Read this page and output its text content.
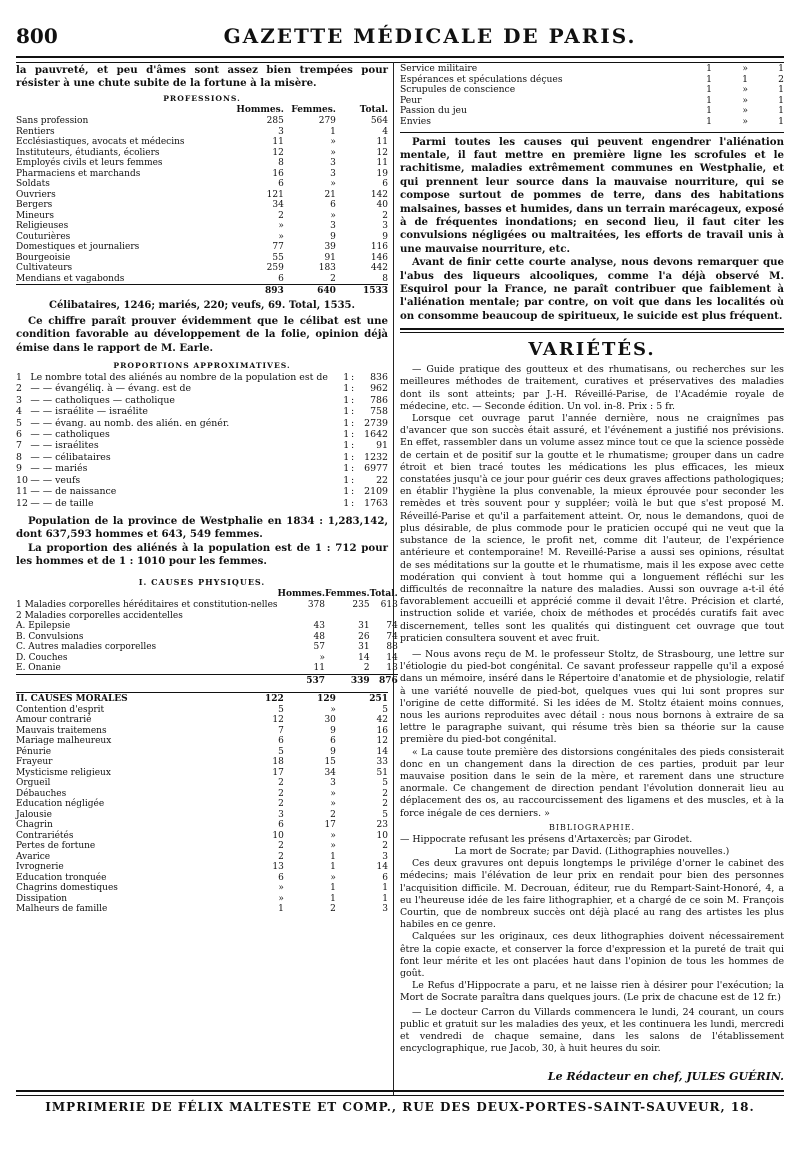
800	GAZETTE MÉDICALE DE PARIS.

la pauvreté, et peu d'âmes sont assez bien trempées pour résister à une chute subite de la fortune à la misère.

PROFESSIONS.
	Hommes.	Femmes.	Total.
Sans profession	285	279	564
Rentiers	3	1	4
Ecclésiastiques, avocats et médecins	11	»	11
Instituteurs, étudiants, écoliers	12	»	12
Employés civils et leurs femmes	8	3	11
Pharmaciens et marchands	16	3	19
Soldats	6	»	6
Ouvriers	121	21	142
Bergers	34	6	40
Mineurs	2	»	2
Religieuses	»	3	3
Couturières	»	9	9
Domestiques et journaliers	77	39	116
Bourgeoisie	55	91	146
Cultivateurs	259	183	442
Mendians et vagabonds	6	2	8
	893	640	1533

Célibataires, 1246; mariés, 220; veufs, 69. Total, 1535.

Ce chiffre paraît prouver évidemment que le célibat est une condition favorable au développement de la folie, opinion déjà émise dans le rapport de M. Earle.

PROPORTIONS APPROXIMATIVES.
1	Le nombre total des aliénés au nombre de la population est de	1	:	836
2	— — évangéliq. à — évang. est de	1	:	962
3	— — catholiques — catholique	1	:	786
4	— — israélite — israélite	1	:	758
5	— — évang. au nomb. des alién. en génér.	1	:	2739
6	— — catholiques	1	:	1642
7	— — israélites	1	:	91
8	— — célibataires	1	:	1232
9	— — mariés	1	:	6977
10	— — veufs	1	:	22
11	— — de naissance	1	:	2109
12	— — de taille	1	:	1763

Population de la province de Westphalie en 1834 : 1,283,142, dont 637,593 hommes et 643, 549 femmes.

La proportion des aliénés à la population est de 1 : 712 pour les hommes et de 1 : 1010 pour les femmes.

I. CAUSES PHYSIQUES.
	Hommes.	Femmes.	Total.
1 Maladies corporelles héréditaires et constitution-nelles	378	235	613
2 Maladies corporelles accidentelles			
A. Epilepsie	43	31	74
B. Convulsions	48	26	74
C. Autres maladies corporelles	57	31	88
D. Couches	»	14	14
E. Onanie	11	2	13
	537	339	876
II. CAUSES MORALES	122	129	251
Contention d'esprit	5	»	5
Amour contrarié	12	30	42
Mauvais traitemens	7	9	16
Mariage malheureux	6	6	12
Pénurie	5	9	14
Frayeur	18	15	33
Mysticisme religieux	17	34	51
Orgueil	2	3	5
Débauches	2	»	2
Education négligée	2	»	2
Jalousie	3	2	5
Chagrin	6	17	23
Contrariétés	10	»	10
Pertes de fortune	2	»	2
Avarice	2	1	3
Ivrognerie	13	1	14
Education tronquée	6	»	6
Chagrins domestiques	»	1	1
Dissipation	»	1	1
Malheurs de famille	1	2	3
Service militaire	1	»	1
Espérances et spéculations déçues	1	1	2
Scrupules de conscience	1	»	1
Peur	1	»	1
Passion du jeu	1	»	1
Envies	1	»	1

Parmi toutes les causes qui peuvent engendrer l'aliénation mentale, il faut mettre en première ligne les scrofules et le rachitisme, maladies extrêmement communes en Westphalie, et qui prennent leur source dans la mauvaise nourriture, qui se compose surtout de pommes de terre, dans des habitations malsaines, basses et humides, dans un terrain marécageux, exposé à de fréquentes inondations; en second lieu, il faut citer les convulsions négligées ou maltraitées, les efforts de travail unis à une mauvaise nourriture, etc.

Avant de finir cette courte analyse, nous devons remarquer que l'abus des liqueurs alcooliques, comme l'a déjà observé M. Esquirol pour la France, ne paraît contribuer que faiblement à l'aliénation mentale; par contre, on voit que dans les localités où on consomme beaucoup de spiritueux, le suicide est plus fréquent.

VARIÉTÉS.

— Guide pratique des goutteux et des rhumatisans, ou recherches sur les meilleures méthodes de traitement, curatives et préservatives des maladies dont ils sont atteints; par J.-H. Réveillé-Parise, de l'Académie royale de médecine, etc. — Seconde édition. Un vol. in-8. Prix : 5 fr.

Lorsque cet ouvrage parut l'année dernière, nous ne craignîmes pas d'avancer que son succès était assuré, et l'événement a justifié nos prévisions. En effet, rassembler dans un volume assez mince tout ce que la science possède de certain et de positif sur la goutte et le rhumatisme; grouper dans un cadre étroit et bien tracé toutes les médications les plus efficaces, les mieux constatées jusqu'à ce jour pour guérir ces deux graves affections pathologiques; en établir l'hygiène la plus convenable, la mieux éprouvée pour seconder les remèdes et très souvent pour y suppléer; voilà le but que s'est proposé M. Réveillé-Parise et qu'il a parfaitement atteint. Or, nous le demandons, quoi de plus désirable, de plus commode pour le praticien occupé qui ne veut que la substance de la science, le profit net, comme dit l'auteur, de l'expérience antérieure et contemporaine! M. Reveillé-Parise a aussi ses opinions, résultat de ses méditations sur la goutte et le rhumatisme, mais il les expose avec cette modération qui convient à tout homme qui a longuement réfléchi sur les difficultés de reconnaître la nature des maladies. Aussi son ouvrage a-t-il été favorablement accueilli et apprécié comme il devait l'être. Précision et clarté, instruction solide et variée, choix de méthodes et procédés curatifs fait avec discernement, telles sont les qualités qui distinguent cet ouvrage que tout praticien consultera souvent et avec fruit.

— Nous avons reçu de M. le professeur Stoltz, de Strasbourg, une lettre sur l'étiologie du pied-bot congénital. Ce savant professeur rappelle qu'il a exposé dans un mémoire, inséré dans le Répertoire d'anatomie et de physiologie, relatif à une variété nouvelle de pied-bot, quelques vues qui lui sont propres sur l'origine de cette difformité. Si les idées de M. Stoltz étaient moins connues, nous les aurions reproduites avec détail : nous nous bornons à extraire de sa lettre le paragraphe suivant, qui résume très bien sa théorie sur la cause première du pied-bot congénital.

« La cause toute première des distorsions congénitales des pieds consisterait donc en un changement dans la direction de ces parties, produit par leur mauvaise position dans le sein de la mère, et rarement dans une structure anormale. Ce changement de direction pendant l'évolution donnerait lieu au déplacement des os, au raccourcissement des ligamens et des muscles, et à la force inégale de ces derniers. »

BIBLIOGRAPHIE.

— Hippocrate refusant les présens d'Artaxercès; par Girodet.

La mort de Socrate; par David. (Lithographies nouvelles.)

Ces deux gravures ont depuis longtemps le privilége d'orner le cabinet des médecins; mais l'élévation de leur prix en rendait pour bien des personnes l'acquisition difficile. M. Decrouan, éditeur, rue du Rempart-Saint-Honoré, 4, a eu l'heureuse idée de les faire lithographier, et a chargé de ce soin M. François Courtin, que de nombreux succès ont déjà placé au rang des artistes les plus habiles en ce genre.

Calquées sur les originaux, ces deux lithographies doivent nécessairement être la copie exacte, et conserver la force d'expression et la pureté de trait qui font leur mérite et les ont placées haut dans l'opinion de tous les hommes de goût.

Le Refus d'Hippocrate a paru, et ne laisse rien à désirer pour l'exécution; la Mort de Socrate paraîtra dans quelques jours. (Le prix de chacune est de 12 fr.)

— Le docteur Carron du Villards commencera le lundi, 24 courant, un cours public et gratuit sur les maladies des yeux, et les continuera les lundi, mercredi et vendredi de chaque semaine, dans les salons de l'établissement encyclographique, rue Jacob, 30, à huit heures du soir.

Le Rédacteur en chef, JULES GUÉRIN.
IMPRIMERIE DE FÉLIX MALTESTE ET COMP., RUE DES DEUX-PORTES-SAINT-SAUVEUR, 18.
